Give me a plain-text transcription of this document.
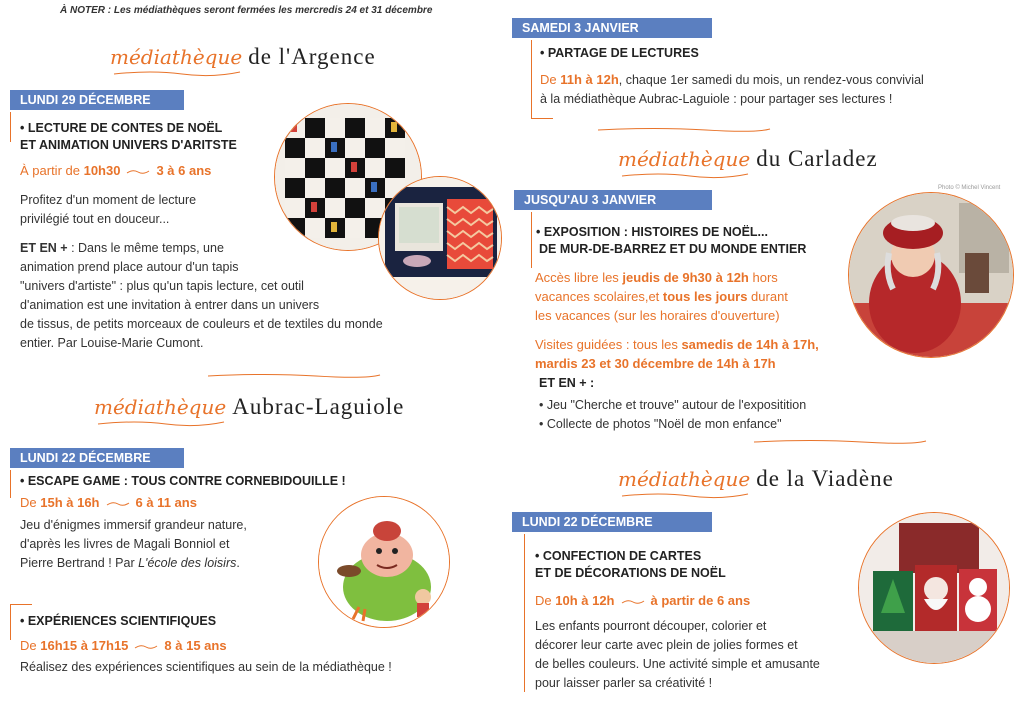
À NOTER : Les médiathèques seront fermées les mercredis 24 et 31 décembre
médiathèque de l'Argence
LUNDI 29 DÉCEMBRE
• LECTURE DE CONTES DE NOËL
ET ANIMATION UNIVERS D'ARITSTE
À partir de 10h30	3 à 6 ans
Profitez d'un moment de lecture
privilégié tout en douceur...
ET EN + : Dans le même temps, une
animation prend place autour d'un tapis
"univers d'artiste" : plus qu'un tapis lecture, cet outil
d'animation est une invitation à entrer dans un univers
de tissus, de petits morceaux de couleurs et de textiles du monde
entier. Par Louise-Marie Cumont.
médiathèque Aubrac-Laguiole
LUNDI 22 DÉCEMBRE
• ESCAPE GAME : TOUS CONTRE CORNEBIDOUILLE !
De 15h à 16h	6 à 11 ans
Jeu d'énigmes immersif grandeur nature,
d'après les livres de Magali Bonniol et
Pierre Bertrand ! Par L'école des loisirs.
• EXPÉRIENCES SCIENTIFIQUES
De 16h15 à 17h15	8 à 15 ans
Réalisez des expériences scientifiques au sein de la médiathèque !
SAMEDI 3 JANVIER
• PARTAGE DE LECTURES
De 11h à 12h, chaque 1er samedi du mois, un rendez-vous convivial
à la médiathèque Aubrac-Laguiole : pour partager ses lectures !
médiathèque du Carladez
JUSQU'AU 3 JANVIER
• EXPOSITION : HISTOIRES DE NOËL...
DE MUR-DE-BARREZ ET DU MONDE ENTIER
Accès libre les jeudis de 9h30 à 12h hors
vacances scolaires,et tous les jours durant
les vacances (sur les horaires d'ouverture)
Visites guidées : tous les samedis de 14h à 17h,
mardis 23 et 30 décembre de 14h à 17h
ET EN + :
• Jeu "Cherche et trouve" autour de l'expositition
• Collecte de photos "Noël de mon enfance"
Photo © Michel Vincent
médiathèque de la Viadène
LUNDI 22 DÉCEMBRE
• CONFECTION DE CARTES
ET DE DÉCORATIONS DE NOËL
De 10h à 12h	à partir de 6 ans
Les enfants pourront découper, colorier et
décorer leur carte avec plein de jolies formes et
de belles couleurs. Une activité simple et amusante
pour laisser parler sa créativité !
